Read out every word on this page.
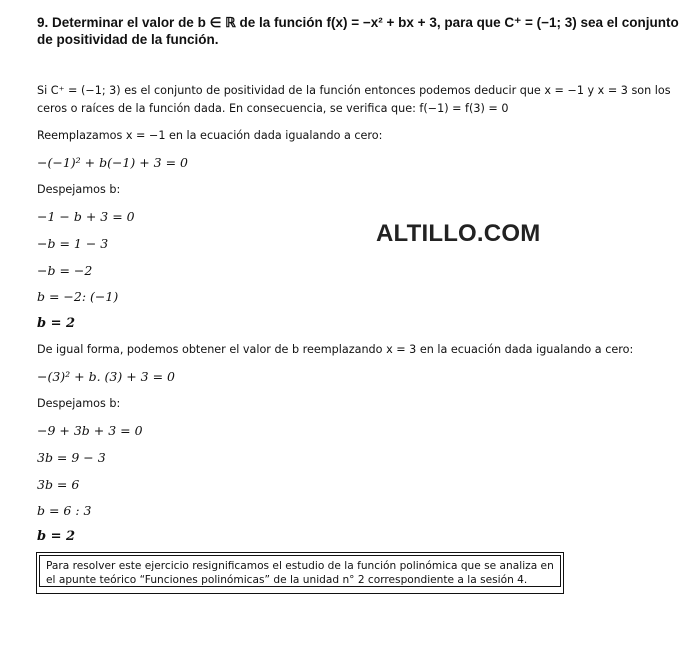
9. Determinar el valor de b ∈ ℝ de la función f(x) = −x² + bx + 3, para que C⁺ = (−1; 3) sea el conjunto
de positividad de la función.
Si C⁺ = (−1; 3) es el conjunto de positividad de la función entonces podemos deducir que x = −1 y x = 3 son los
ceros o raíces de la función dada. En consecuencia, se verifica que: f(−1) = f(3) = 0
Reemplazamos x = −1 en la ecuación dada igualando a cero:
−(−1)² + b(−1) + 3 = 0
Despejamos b:
−1 − b + 3 = 0
−b = 1 − 3
−b = −2
b = −2: (−1)
b = 2
ALTILLO.COM
De igual forma, podemos obtener el valor de b reemplazando x = 3 en la ecuación dada igualando a cero:
−(3)² + b. (3) + 3 = 0
Despejamos b:
−9 + 3b + 3 = 0
3b = 9 − 3
3b = 6
b = 6 : 3
b = 2
Para resolver este ejercicio resignificamos el estudio de la función polinómica que se analiza en
el apunte teórico “Funciones polinómicas” de la unidad n° 2 correspondiente a la sesión 4.
